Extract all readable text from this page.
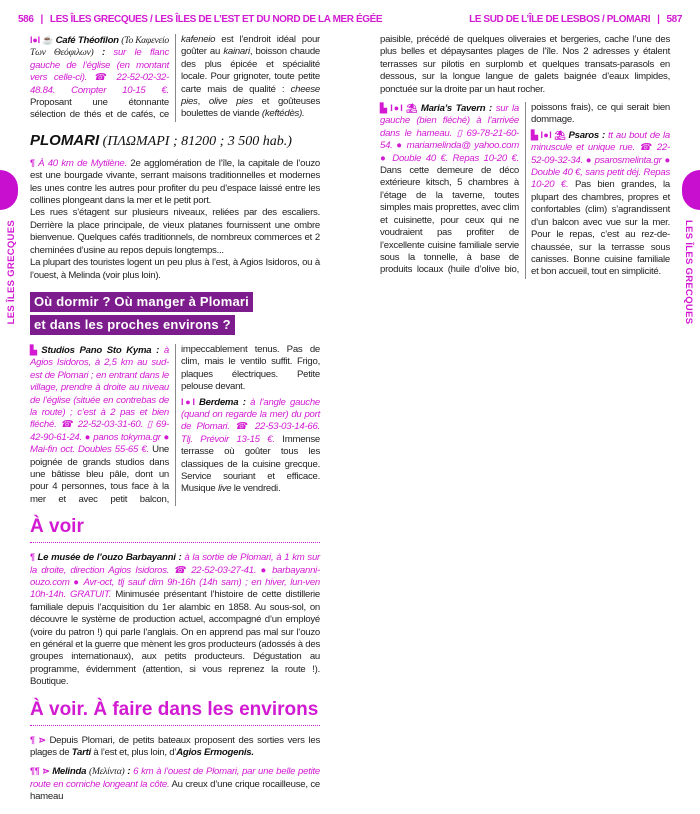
586 | LES ÎLES GRECQUES / LES ÎLES DE L’EST ET DU NORD DE LA MER ÉGÉE
LES ÎLES GRECQUES
I●I ☕ Café Théofilon (Το Καφενείο Των Θεόφιλων) : sur le flanc gauche de l’église (en montant vers celle-ci). ☎ 22-52-02-32-48.84. Compter 10-15 €. Proposant une étonnante sélection de thés et de cafés, ce kafeneio est l’endroit idéal pour goûter au kainari, boisson chaude des plus épicée et spécialité locale. Pour grignoter, toute petite carte mais de qualité : cheese pies, olive pies et goûteuses boulettes de viande (keftédès).
PLOMARI (ΠΛΩΜΑΡΙ ; 81200 ; 3 500 hab.)
¶ À 40 km de Mytilène. 2e agglomération de l’île, la capitale de l’ouzo est une bourgade vivante, serrant maisons traditionnelles et modernes les unes contre les autres pour profiter du peu d’espace laissé entre les collines plongeant dans la mer et le petit port.
Les rues s’étagent sur plusieurs niveaux, reliées par des escaliers. Derrière la place principale, de vieux platanes fournissent une ombre bienvenue. Quelques cafés traditionnels, de nombreux commerces et 2 cheminées d’usine au repos depuis longtemps...
La plupart des touristes logent un peu plus à l’est, à Agios Isidoros, ou à l’ouest, à Melinda (voir plus loin).
Où dormir ? Où manger à Plomari
et dans les proches environs ?
▙ Studios Pano Sto Kyma : à Agios Isidoros, à 2,5 km au sud-est de Plomari ; en entrant dans le village, prendre à droite au niveau de l’église (située en contrebas de la route) ; c’est à 2 pas et bien fléché. ☎ 22-52-03-31-60. ▯ 69-42-90-61-24. ● panos tokyma.gr ● Mai-fin oct. Doubles 55-65 €. Une poignée de grands studios dans une bâtisse bleu pâle, dont un pour 4 personnes, tous face à la mer et avec petit balcon, impeccablement tenus. Pas de clim, mais le ventilo suffit. Frigo, plaques électriques. Petite pelouse devant.
I●I Berdema : à l’angle gauche (quand on regarde la mer) du port de Plomari. ☎ 22-53-03-14-66. Tlj. Prévoir 13-15 €. Immense terrasse où goûter tous les classiques de la cuisine grecque. Service souriant et efficace. Musique live le vendredi.
À voir
¶ Le musée de l’ouzo Barbayanni : à la sortie de Plomari, à 1 km sur la droite, direction Agios Isidoros. ☎ 22-52-03-27-41. ● barbayanni-ouzo.com ● Avr-oct, tlj sauf dim 9h-16h (14h sam) ; en hiver, lun-ven 10h-14h. GRATUIT. Minimusée présentant l’histoire de cette distillerie familiale depuis l’acquisition du 1er alambic en 1858. Au sous-sol, on découvre le système de production actuel, accompagné d’un employé (voire du patron !) qui parle l’anglais. On en apprend pas mal sur l’ouzo en général et la guerre que mènent les gros producteurs (adossés à des groupes internationaux), aux petits producteurs. Dégustation au programme, évidemment (attention, si vous reprenez la route !). Boutique.
À voir. À faire dans les environs
¶ ⋗ Depuis Plomari, de petits bateaux proposent des sorties vers les plages de Tarti à l’est et, plus loin, d’Agios Ermogenis.
¶¶ ⋗ Melinda (Μελίντα) : 6 km à l’ouest de Plomari, par une belle petite route en corniche longeant la côte. Au creux d’une crique rocailleuse, ce hameau
LE SUD DE L’ÎLE DE LESBOS / PLOMARI | 587
LES ÎLES GRECQUES
paisible, précédé de quelques oliveraies et bergeries, cache l’une des plus belles et dépaysantes plages de l’île. Nos 2 adresses y étalent terrasses sur pilotis en surplomb et quelques transats-parasols en dessous, sur la longue langue de galets baignée d’eaux limpides, ponctuée sur la droite par un haut rocher.
▙ I●I ⛱ Maria’s Tavern : sur la gauche (bien fléché) à l’arrivée dans le hameau. ▯ 69-78-21-60-54. ● mariamelinda@ yahoo.com ● Double 40 €. Repas 10-20 €. Dans cette demeure de déco extérieure kitsch, 5 chambres à l’étage de la taverne, toutes simples mais proprettes, avec clim et cuisinette, pour ceux qui ne voudraient pas profiter de l’excellente cuisine familiale servie sous la tonnelle, à base de produits locaux (huile d’olive bio, poissons frais), ce qui serait bien dommage.
▙ I●I ⛱ Psaros : tt au bout de la minuscule et unique rue. ☎ 22-52-09-32-34. ● psarosmelinta.gr ● Double 40 €, sans petit déj. Repas 10-20 €. Pas bien grandes, la plupart des chambres, propres et confortables (clim) s’agrandissent d’un balcon avec vue sur la mer. Pour le repas, c’est au rez-de-chaussée, sur la terrasse sous canisses. Bonne cuisine familiale et bon accueil, tout en simplicité.
